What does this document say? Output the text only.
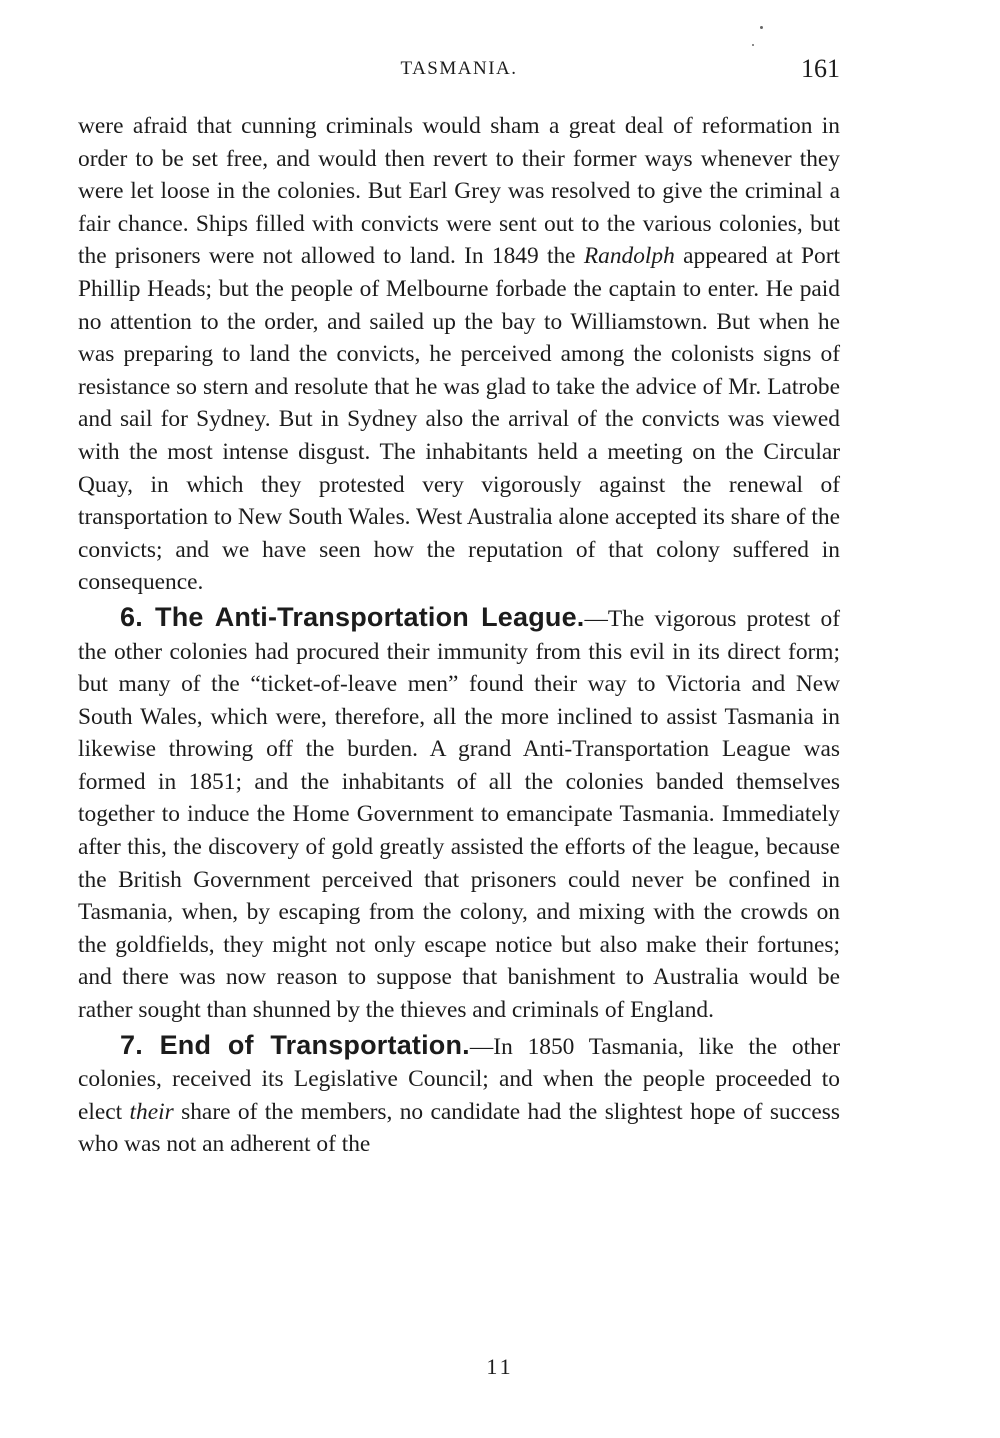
TASMANIA.	161

were afraid that cunning criminals would sham a great deal of reformation in order to be set free, and would then revert to their former ways whenever they were let loose in the colonies. But Earl Grey was resolved to give the criminal a fair chance. Ships filled with convicts were sent out to the various colonies, but the prisoners were not allowed to land. In 1849 the Randolph appeared at Port Phillip Heads; but the people of Melbourne forbade the captain to enter. He paid no attention to the order, and sailed up the bay to Williamstown. But when he was preparing to land the convicts, he perceived among the colonists signs of resistance so stern and resolute that he was glad to take the advice of Mr. Latrobe and sail for Sydney. But in Sydney also the arrival of the convicts was viewed with the most intense disgust. The inhabitants held a meeting on the Circular Quay, in which they protested very vigorously against the renewal of transportation to New South Wales. West Australia alone accepted its share of the convicts; and we have seen how the reputation of that colony suffered in consequence.

6. The Anti-Transportation League.—The vigorous protest of the other colonies had procured their immunity from this evil in its direct form; but many of the “ticket-of-leave men” found their way to Victoria and New South Wales, which were, therefore, all the more inclined to assist Tasmania in likewise throwing off the burden. A grand Anti-Transportation League was formed in 1851; and the inhabitants of all the colonies banded themselves together to induce the Home Government to emancipate Tasmania. Immediately after this, the discovery of gold greatly assisted the efforts of the league, because the British Government perceived that prisoners could never be confined in Tasmania, when, by escaping from the colony, and mixing with the crowds on the goldfields, they might not only escape notice but also make their fortunes; and there was now reason to suppose that banishment to Australia would be rather sought than shunned by the thieves and criminals of England.

7. End of Transportation.—In 1850 Tasmania, like the other colonies, received its Legislative Council; and when the people proceeded to elect their share of the members, no candidate had the slightest hope of success who was not an adherent of the

11
